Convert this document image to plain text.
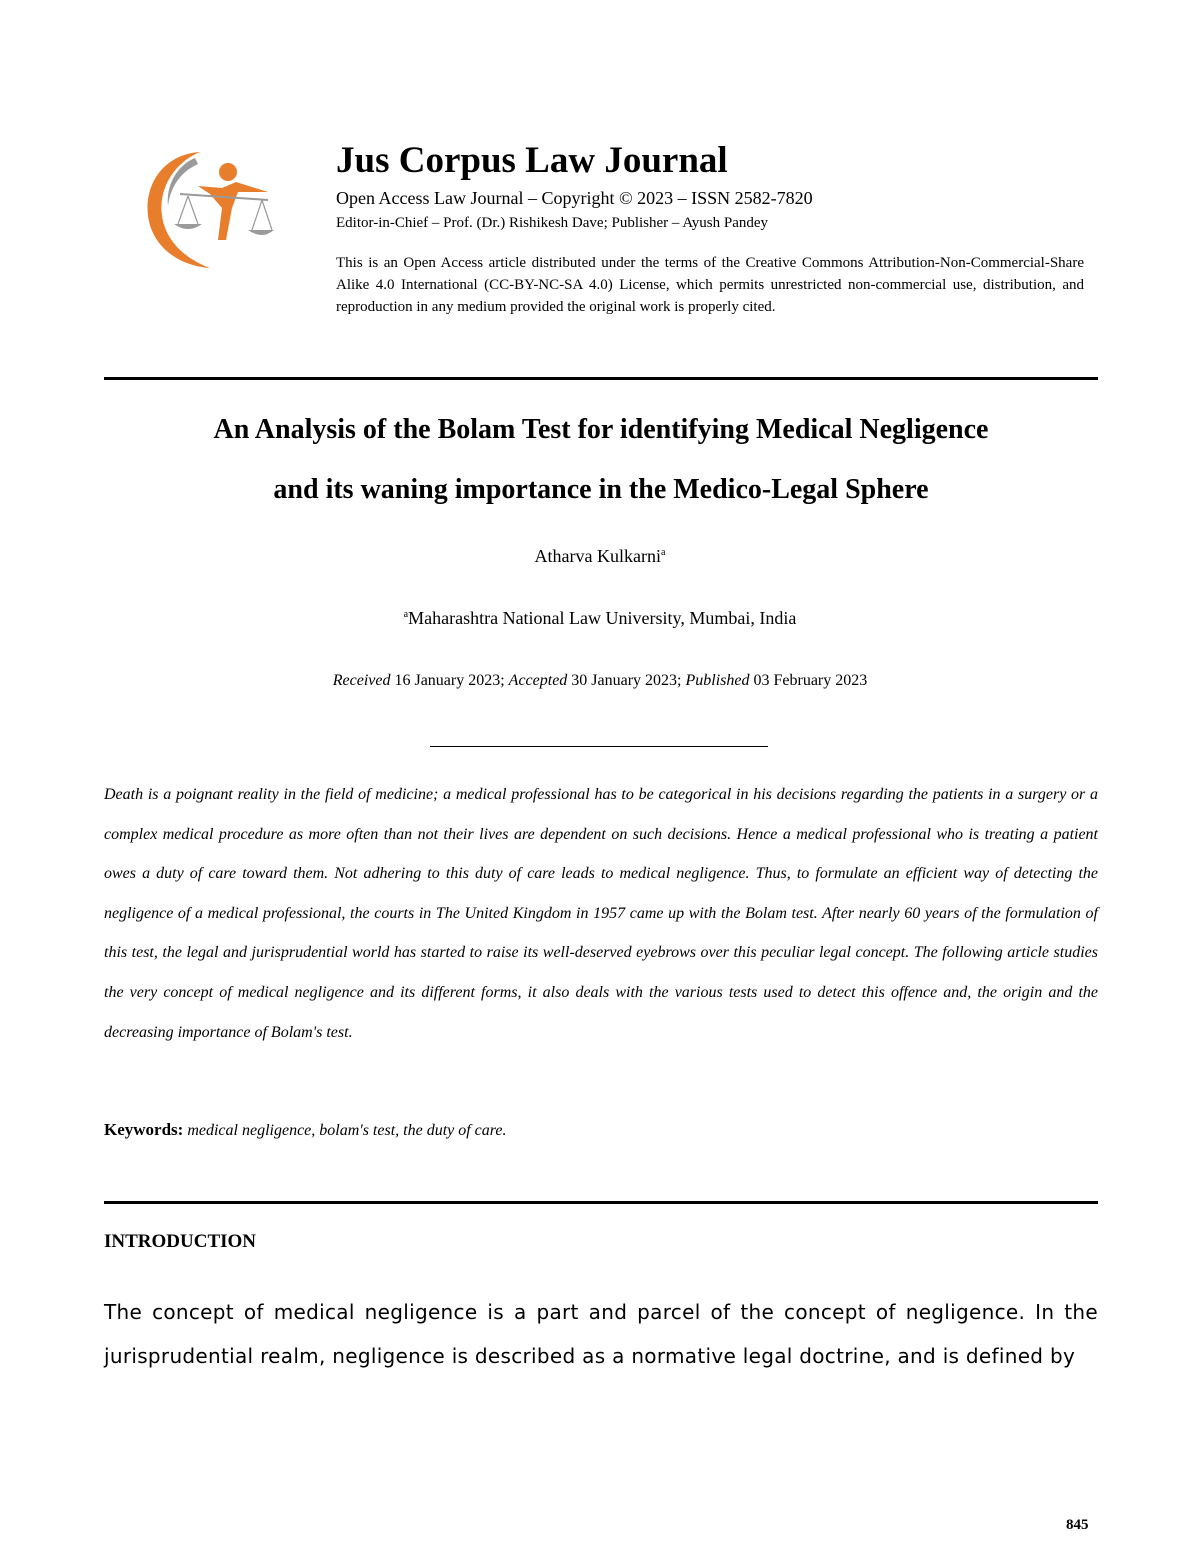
Jus Corpus Law Journal

Open Access Law Journal – Copyright © 2023 – ISSN 2582-7820

Editor-in-Chief – Prof. (Dr.) Rishikesh Dave; Publisher – Ayush Pandey

This is an Open Access article distributed under the terms of the Creative Commons Attribution-Non-Commercial-Share Alike 4.0 International (CC-BY-NC-SA 4.0) License, which permits unrestricted non-commercial use, distribution, and reproduction in any medium provided the original work is properly cited.

An Analysis of the Bolam Test for identifying Medical Negligence
and its waning importance in the Medico-Legal Sphere

Atharva Kulkarni$^a$

$^a$Maharashtra National Law University, Mumbai, India

Received 16 January 2023; Accepted 30 January 2023; Published 03 February 2023

Death is a poignant reality in the field of medicine; a medical professional has to be categorical in his decisions regarding the patients in a surgery or a complex medical procedure as more often than not their lives are dependent on such decisions. Hence a medical professional who is treating a patient owes a duty of care toward them. Not adhering to this duty of care leads to medical negligence. Thus, to formulate an efficient way of detecting the negligence of a medical professional, the courts in The United Kingdom in 1957 came up with the Bolam test. After nearly 60 years of the formulation of this test, the legal and jurisprudential world has started to raise its well-deserved eyebrows over this peculiar legal concept. The following article studies the very concept of medical negligence and its different forms, it also deals with the various tests used to detect this offence and, the origin and the decreasing importance of Bolam's test.

Keywords: medical negligence, bolam's test, the duty of care.

INTRODUCTION

The concept of medical negligence is a part and parcel of the concept of negligence. In the jurisprudential realm, negligence is described as a normative legal doctrine, and is defined by

845
